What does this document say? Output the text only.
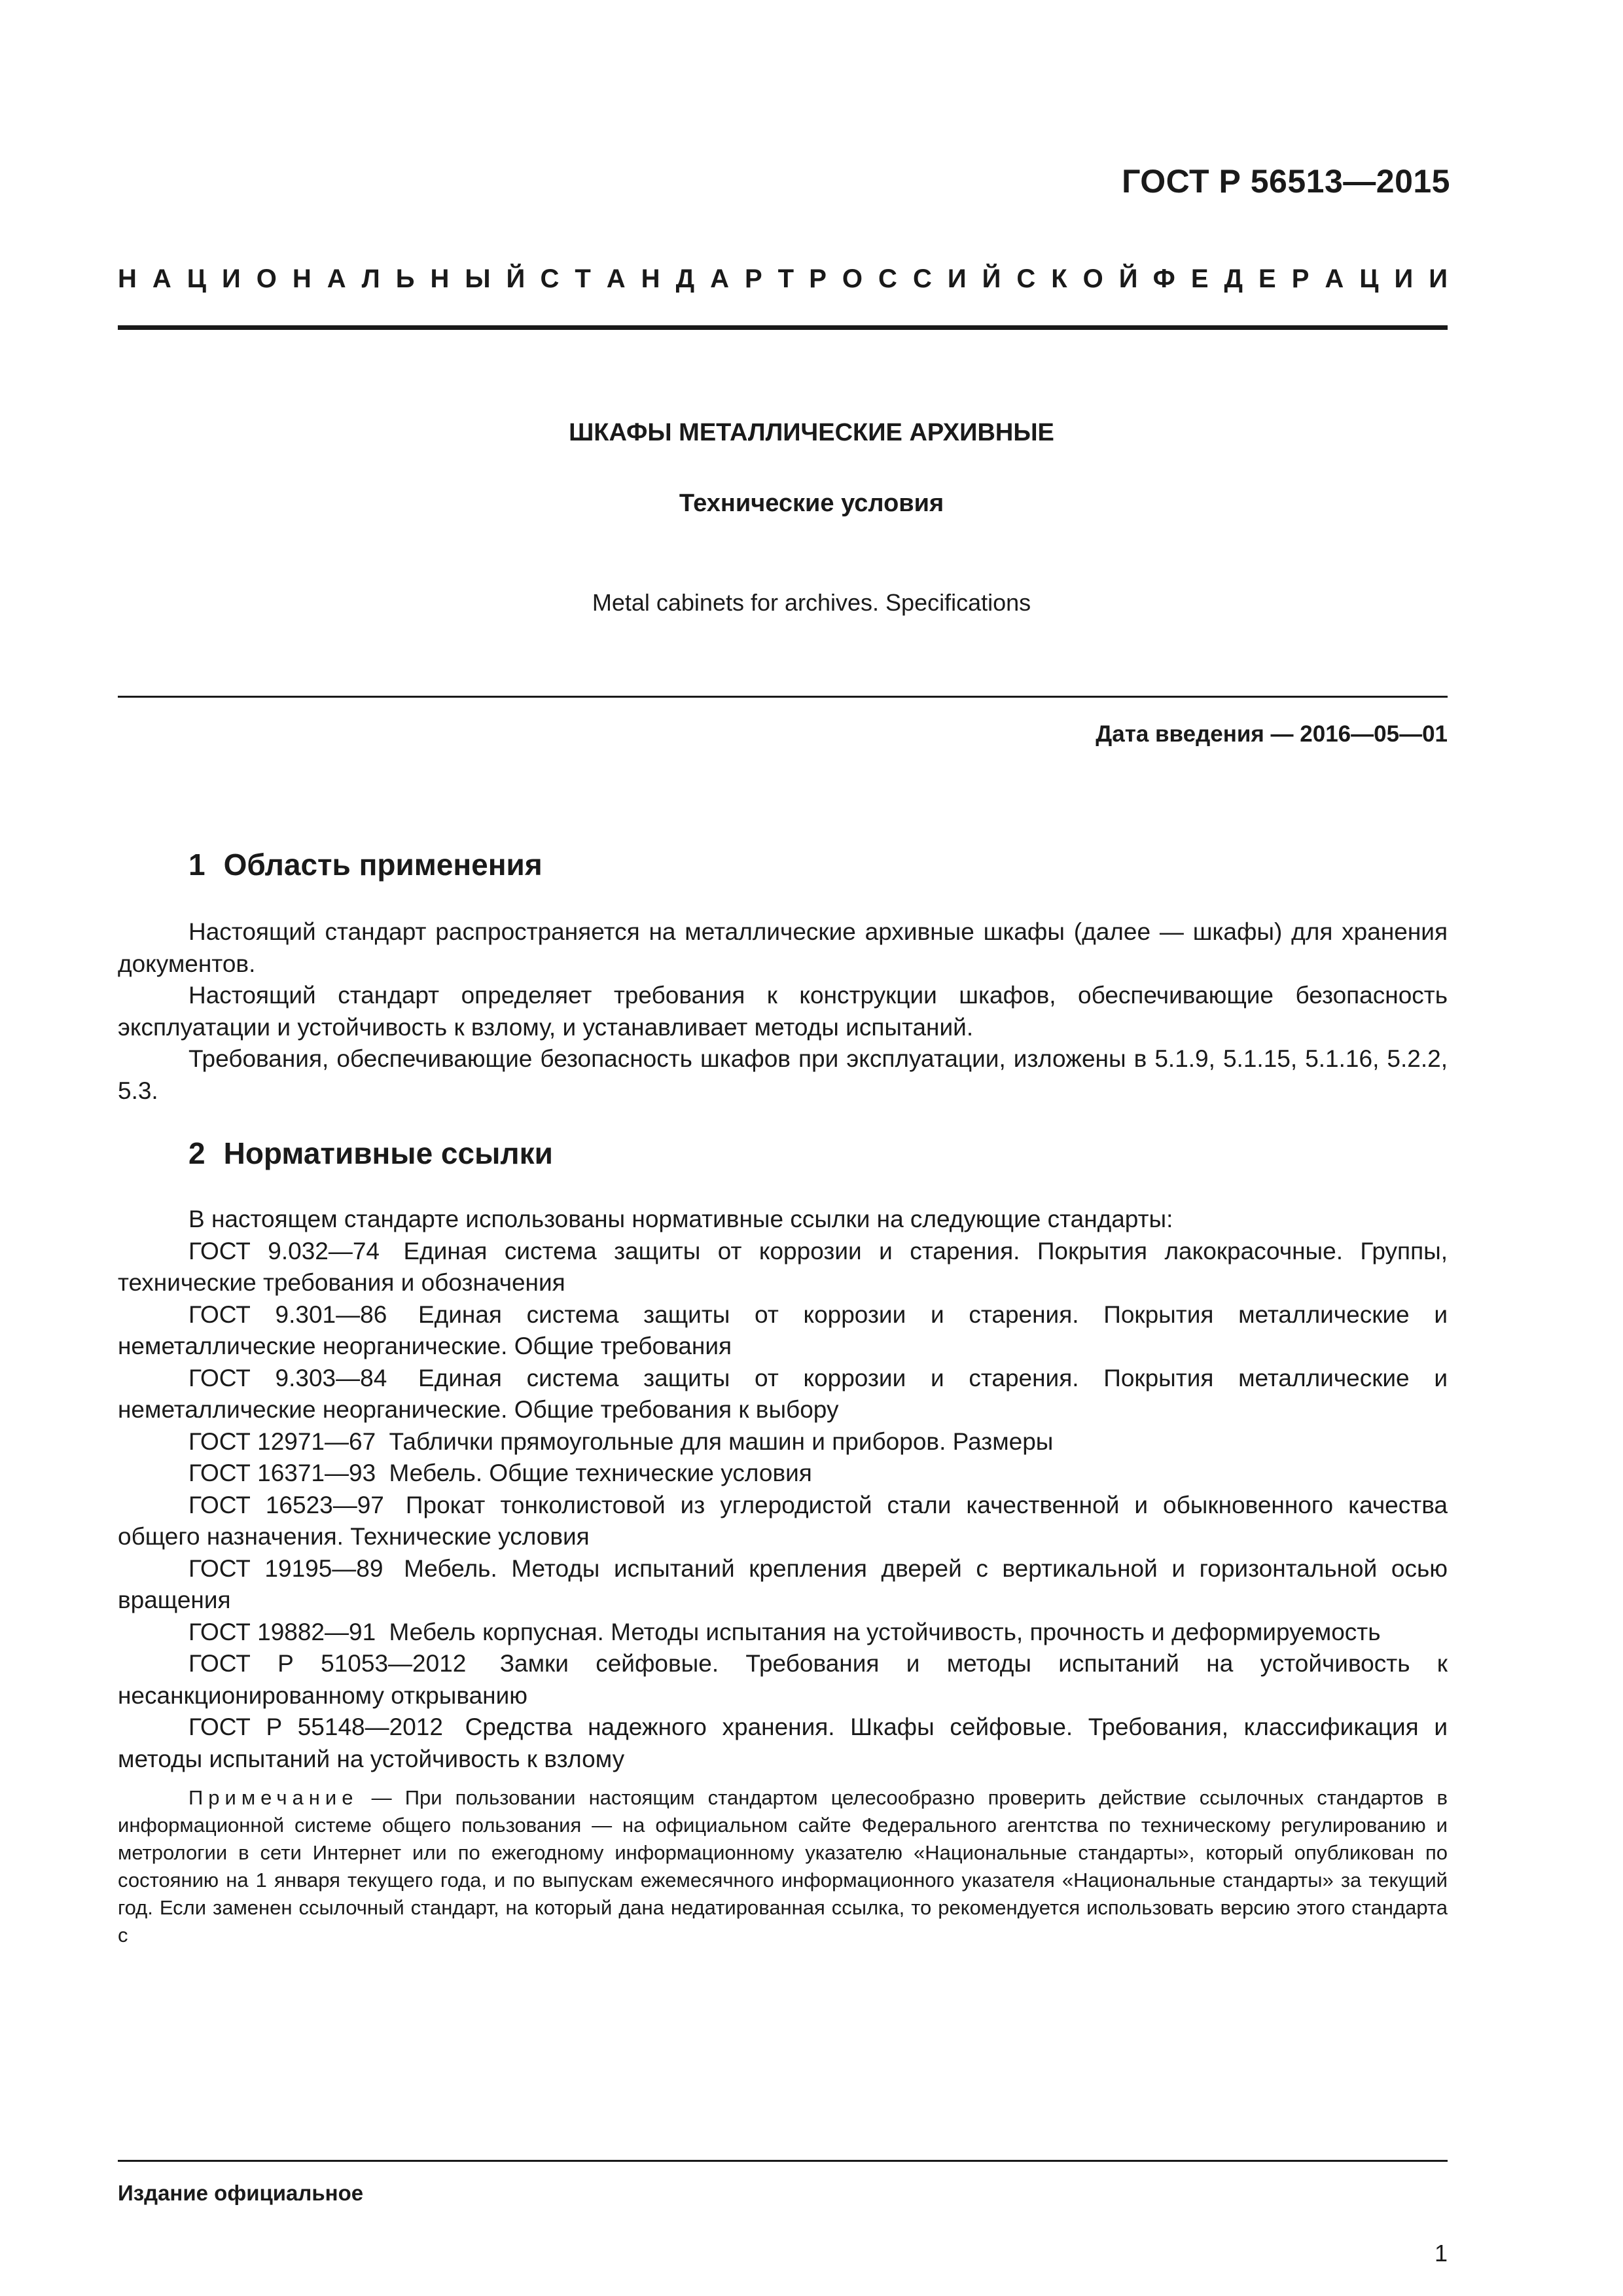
ГОСТ Р 56513—2015
Н А Ц И О Н А Л Ь Н Ы Й С Т А Н Д А Р Т Р О С С И Й С К О Й Ф Е Д Е Р А Ц И И
ШКАФЫ МЕТАЛЛИЧЕСКИЕ АРХИВНЫЕ
Технические условия
Metal cabinets for archives. Specifications
Дата введения — 2016—05—01
1 Область применения

Настоящий стандарт распространяется на металлические архивные шкафы (далее — шкафы) для хранения документов.

Настоящий стандарт определяет требования к конструкции шкафов, обеспечивающие безопасность эксплуатации и устойчивость к взлому, и устанавливает методы испытаний.

Требования, обеспечивающие безопасность шкафов при эксплуатации, изложены в 5.1.9, 5.1.15, 5.1.16, 5.2.2, 5.3.

2 Нормативные ссылки

В настоящем стандарте использованы нормативные ссылки на следующие стандарты:

ГОСТ 9.032—74 Единая система защиты от коррозии и старения. Покрытия лакокрасочные. Группы, технические требования и обозначения

ГОСТ 9.301—86 Единая система защиты от коррозии и старения. Покрытия металлические и неметаллические неорганические. Общие требования

ГОСТ 9.303—84 Единая система защиты от коррозии и старения. Покрытия металлические и неметаллические неорганические. Общие требования к выбору

ГОСТ 12971—67 Таблички прямоугольные для машин и приборов. Размеры

ГОСТ 16371—93 Мебель. Общие технические условия

ГОСТ 16523—97 Прокат тонколистовой из углеродистой стали качественной и обыкновенного качества общего назначения. Технические условия

ГОСТ 19195—89 Мебель. Методы испытаний крепления дверей с вертикальной и горизонтальной осью вращения

ГОСТ 19882—91 Мебель корпусная. Методы испытания на устойчивость, прочность и деформируемость

ГОСТ Р 51053—2012 Замки сейфовые. Требования и методы испытаний на устойчивость к несанкционированному открыванию

ГОСТ Р 55148—2012 Средства надежного хранения. Шкафы сейфовые. Требования, классификация и методы испытаний на устойчивость к взлому

Примечание — При пользовании настоящим стандартом целесообразно проверить действие ссылочных стандартов в информационной системе общего пользования — на официальном сайте Федерального агентства по техническому регулированию и метрологии в сети Интернет или по ежегодному информационному указателю «Национальные стандарты», который опубликован по состоянию на 1 января текущего года, и по выпускам ежемесячного информационного указателя «Национальные стандарты» за текущий год. Если заменен ссылочный стандарт, на который дана недатированная ссылка, то рекомендуется использовать версию этого стандарта с
Издание официальное
1
